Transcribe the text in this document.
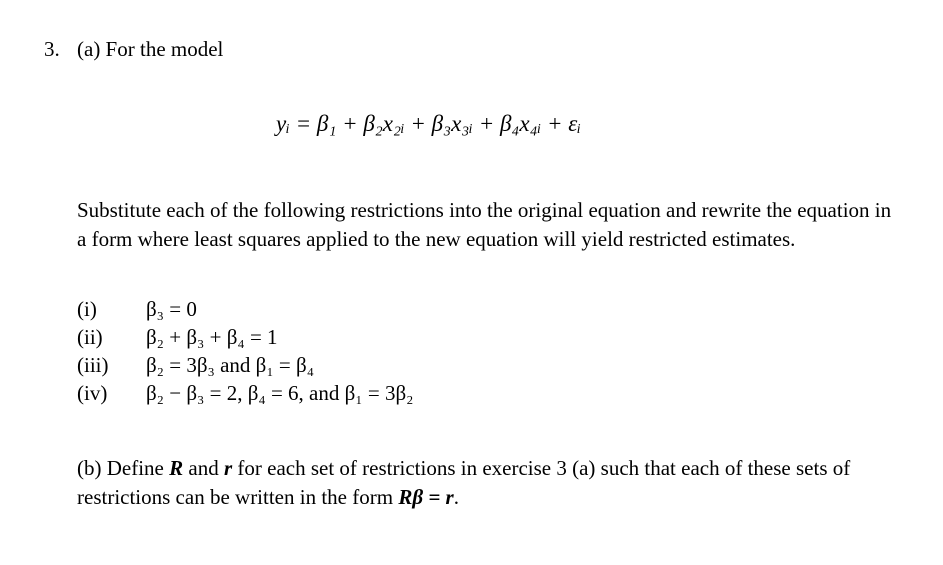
3. (a) For the model
yᵢ = β₁ + β₂x₂ᵢ + β₃x₃ᵢ + β₄x₄ᵢ + εᵢ
Substitute each of the following restrictions into the original equation and rewrite the equation in a form where least squares applied to the new equation will yield restricted estimates.
(i) β₃ = 0
(ii) β₂ + β₃ + β₄ = 1
(iii) β₂ = 3β₃ and β₁ = β₄
(iv) β₂ − β₃ = 2, β₄ = 6, and β₁ = 3β₂
(b) Define R and r for each set of restrictions in exercise 3 (a) such that each of these sets of restrictions can be written in the form Rβ = r.
